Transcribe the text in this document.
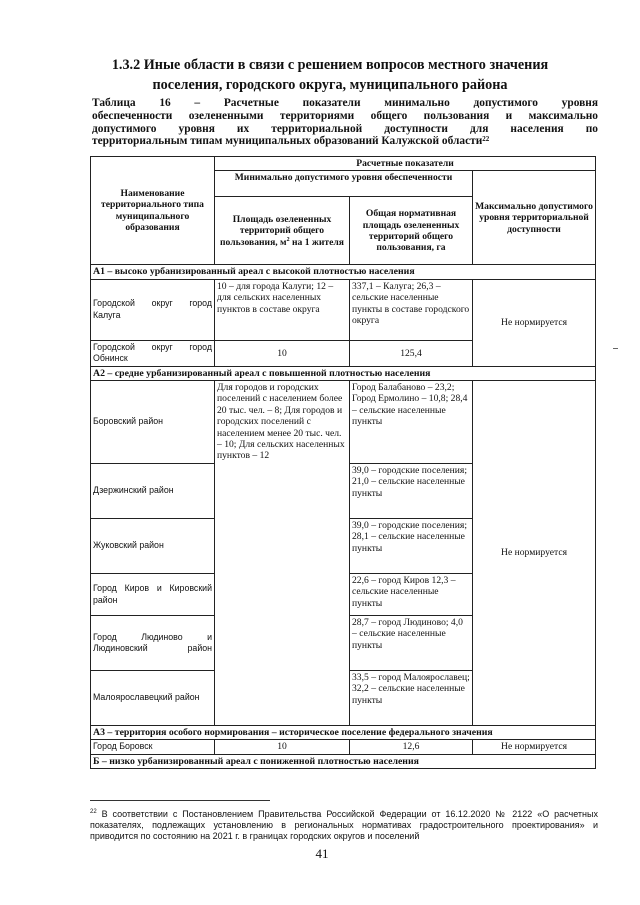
1.3.2 Иные области в связи с решением вопросов местного значения
поселения, городского округа, муниципального района
Таблица 16 – Расчетные показатели минимально допустимого уровня
обеспеченности озелененными территориями общего пользования и максимально
допустимого уровня их территориальной доступности для населения по
территориальным типам муниципальных образований Калужской области$^{22}$
Наименование территориального типа муниципального образования	Расчетные показатели		
	Минимально допустимого уровня обеспеченности		Максимально допустимого уровня территориальной доступности
	Площадь озелененных территорий общего пользования, $м^2$ на 1 жителя	Общая нормативная площадь озелененных территорий общего пользования, га	
А1 – высоко урбанизированный ареал с высокой плотностью населения			
Городской округ город Калуга	10 – для города Калуги; 12 – для сельских населенных пунктов в составе округа	337,1 – Калуга; 26,3 – сельские населенные пункты в составе городского округа	Не нормируется
Городской округ город Обнинск	10	125,4	
А2 – средне урбанизированный ареал с повышенной плотностью населения			
Боровский район	Для городов и городских поселений с населением более 20 тыс. чел. – 8; Для городов и городских поселений с населением менее 20 тыс. чел. – 10; Для сельских населенных пунктов – 12	Город Балабаново – 23,2; Город Ермолино – 10,8; 28,4 – сельские населенные пункты	Не нормируется
Дзержинский район		39,0 – городские поселения; 21,0 – сельские населенные пункты	
Жуковский район		39,0 – городские поселения; 28,1 – сельские населенные пункты	
Город Киров и Кировский район		22,6 – город Киров 12,3 – сельские населенные пункты	
Город Людиново и Людиновский район		28,7 – город Людиново; 4,0 – сельские населенные пункты	
Малоярославецкий район		33,5 – город Малоярославец; 32,2 – сельские населенные пункты	
А3 – территория особого нормирования – историческое поселение федерального значения			
Город Боровск	10	12,6	Не нормируется
Б – низко урбанизированный ареал с пониженной плотностью населения			
$^{22}$ В соответствии с Постановлением Правительства Российской Федерации от 16.12.2020 № 2122 «О расчетных показателях, подлежащих установлению в региональных нормативах градостроительного проектирования» и приводится по состоянию на 2021 г. в границах городских округов и поселений
41
